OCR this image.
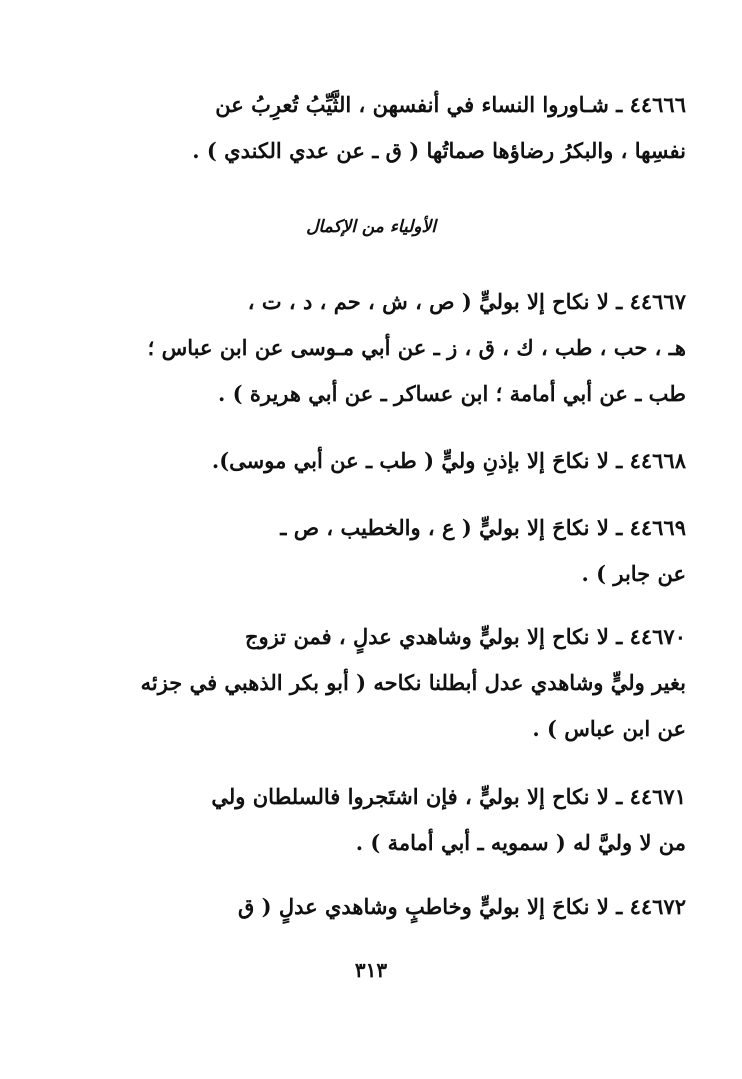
٤٤٦٦٦ ـ شـاوروا النساء في أنفسهن ، الثَّيِّبُ تُعرِبُ عن
نفسِها ، والبكرُ رضاؤها صماتُها ( ق ـ عن عدي الكندي ) .
الأولياء من الإكمال
٤٤٦٦٧ ـ لا نكاح إلا بوليٍّ ( ص ، ش ، حم ، د ، ت ،
هـ ، حب ، طب ، ك ، ق ، ز ـ عن أبي مـوسى عن ابن عباس ؛
طب ـ عن أبي أمامة ؛ ابن عساكر ـ عن أبي هريرة ) .
٤٤٦٦٨ ـ لا نكاحَ إلا بإذنِ وليٍّ ( طب ـ عن أبي موسى).
٤٤٦٦٩ ـ لا نكاحَ إلا بوليٍّ ( ع ، والخطيب ، ص ـ
عن جابر ) .
٤٤٦٧٠ ـ لا نكاح إلا بوليٍّ وشاهدي عدلٍ ، فمن تزوج
بغير وليٍّ وشاهدي عدل أبطلنا نكاحه ( أبو بكر الذهبي في جزئه
عن ابن عباس ) .
٤٤٦٧١ ـ لا نكاح إلا بوليٍّ ، فإن اشتَجروا فالسلطان ولي
من لا وليَّ له ( سمويه ـ أبي أمامة ) .
٤٤٦٧٢ ـ لا نكاحَ إلا بوليٍّ وخاطبٍ وشاهدي عدلٍ ( ق
٣١٣
